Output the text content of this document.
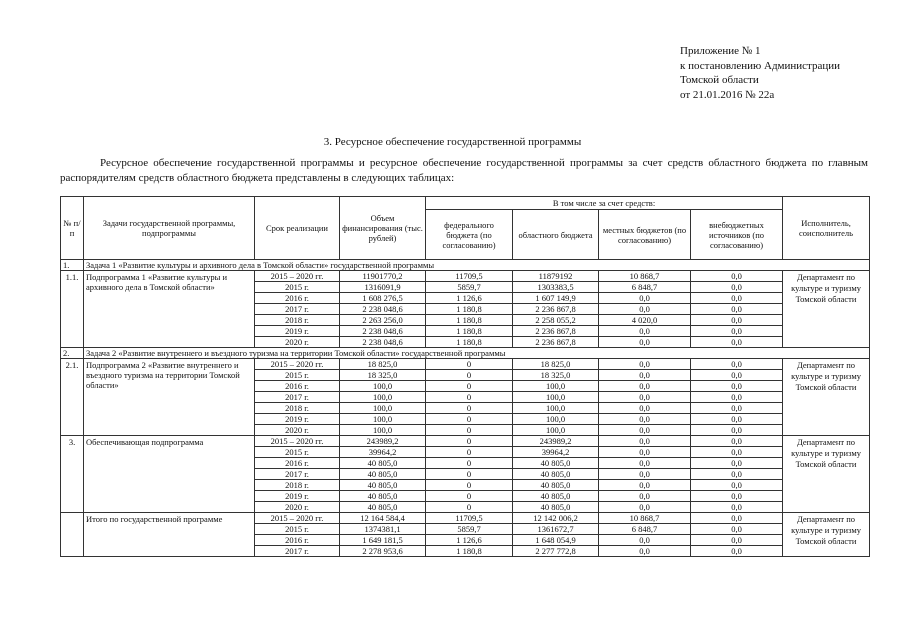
Приложение № 1
к постановлению Администрации
Томской области
от 21.01.2016 № 22а
3. Ресурсное обеспечение государственной программы
Ресурсное обеспечение государственной программы и ресурсное обеспечение государственной программы за счет средств областного бюджета по главным распорядителям средств областного бюджета представлены в следующих таблицах:
№ п/п	Задачи государственной программы, подпрограммы	Срок реализации	Объем финансирования (тыс. рублей)	В том числе за счет средств:				Исполнитель, соисполнитель
				федерального бюджета (по согласованию)	областного бюджета	местных бюджетов (по согласованию)	внебюджетных источников (по согласованию)	
1.	Задача 1 «Развитие культуры и архивного дела в Томской области» государственной программы							
1.1.	Подпрограмма 1 «Развитие культуры и архивного дела в Томской области»	2015 – 2020 гг.	11901770,2	11709,5	11879192	10 868,7	0,0	Департамент по культуре и туризму Томской области
		2015 г.	1316091,9	5859,7	1303383,5	6 848,7	0,0	
		2016 г.	1 608 276,5	1 126,6	1 607 149,9	0,0	0,0	
		2017 г.	2 238 048,6	1 180,8	2 236 867,8	0,0	0,0	
		2018 г.	2 263 256,0	1 180,8	2 258 055,2	4 020,0	0,0	
		2019 г.	2 238 048,6	1 180,8	2 236 867,8	0,0	0,0	
		2020 г.	2 238 048,6	1 180,8	2 236 867,8	0,0	0,0	
2.	Задача 2 «Развитие внутреннего и въездного туризма на территории Томской области» государственной программы							
2.1.	Подпрограмма 2 «Развитие внутреннего и въездного туризма на территории Томской области»	2015 – 2020 гг.	18 825,0	0	18 825,0	0,0	0,0	Департамент по культуре и туризму Томской области
		2015 г.	18 325,0	0	18 325,0	0,0	0,0	
		2016 г.	100,0	0	100,0	0,0	0,0	
		2017 г.	100,0	0	100,0	0,0	0,0	
		2018 г.	100,0	0	100,0	0,0	0,0	
		2019 г.	100,0	0	100,0	0,0	0,0	
		2020 г.	100,0	0	100,0	0,0	0,0	
3.	Обеспечивающая подпрограмма	2015 – 2020 гг.	243989,2	0	243989,2	0,0	0,0	Департамент по культуре и туризму Томской области
		2015 г.	39964,2	0	39964,2	0,0	0,0	
		2016 г.	40 805,0	0	40 805,0	0,0	0,0	
		2017 г.	40 805,0	0	40 805,0	0,0	0,0	
		2018 г.	40 805,0	0	40 805,0	0,0	0,0	
		2019 г.	40 805,0	0	40 805,0	0,0	0,0	
		2020 г.	40 805,0	0	40 805,0	0,0	0,0	
	Итого по государственной программе	2015 – 2020 гг.	12 164 584,4	11709,5	12 142 006,2	10 868,7	0,0	Департамент по культуре и туризму Томской области
		2015 г.	1374381,1	5859,7	1361672,7	6 848,7	0,0	
		2016 г.	1 649 181,5	1 126,6	1 648 054,9	0,0	0,0	
		2017 г.	2 278 953,6	1 180,8	2 277 772,8	0,0	0,0	
